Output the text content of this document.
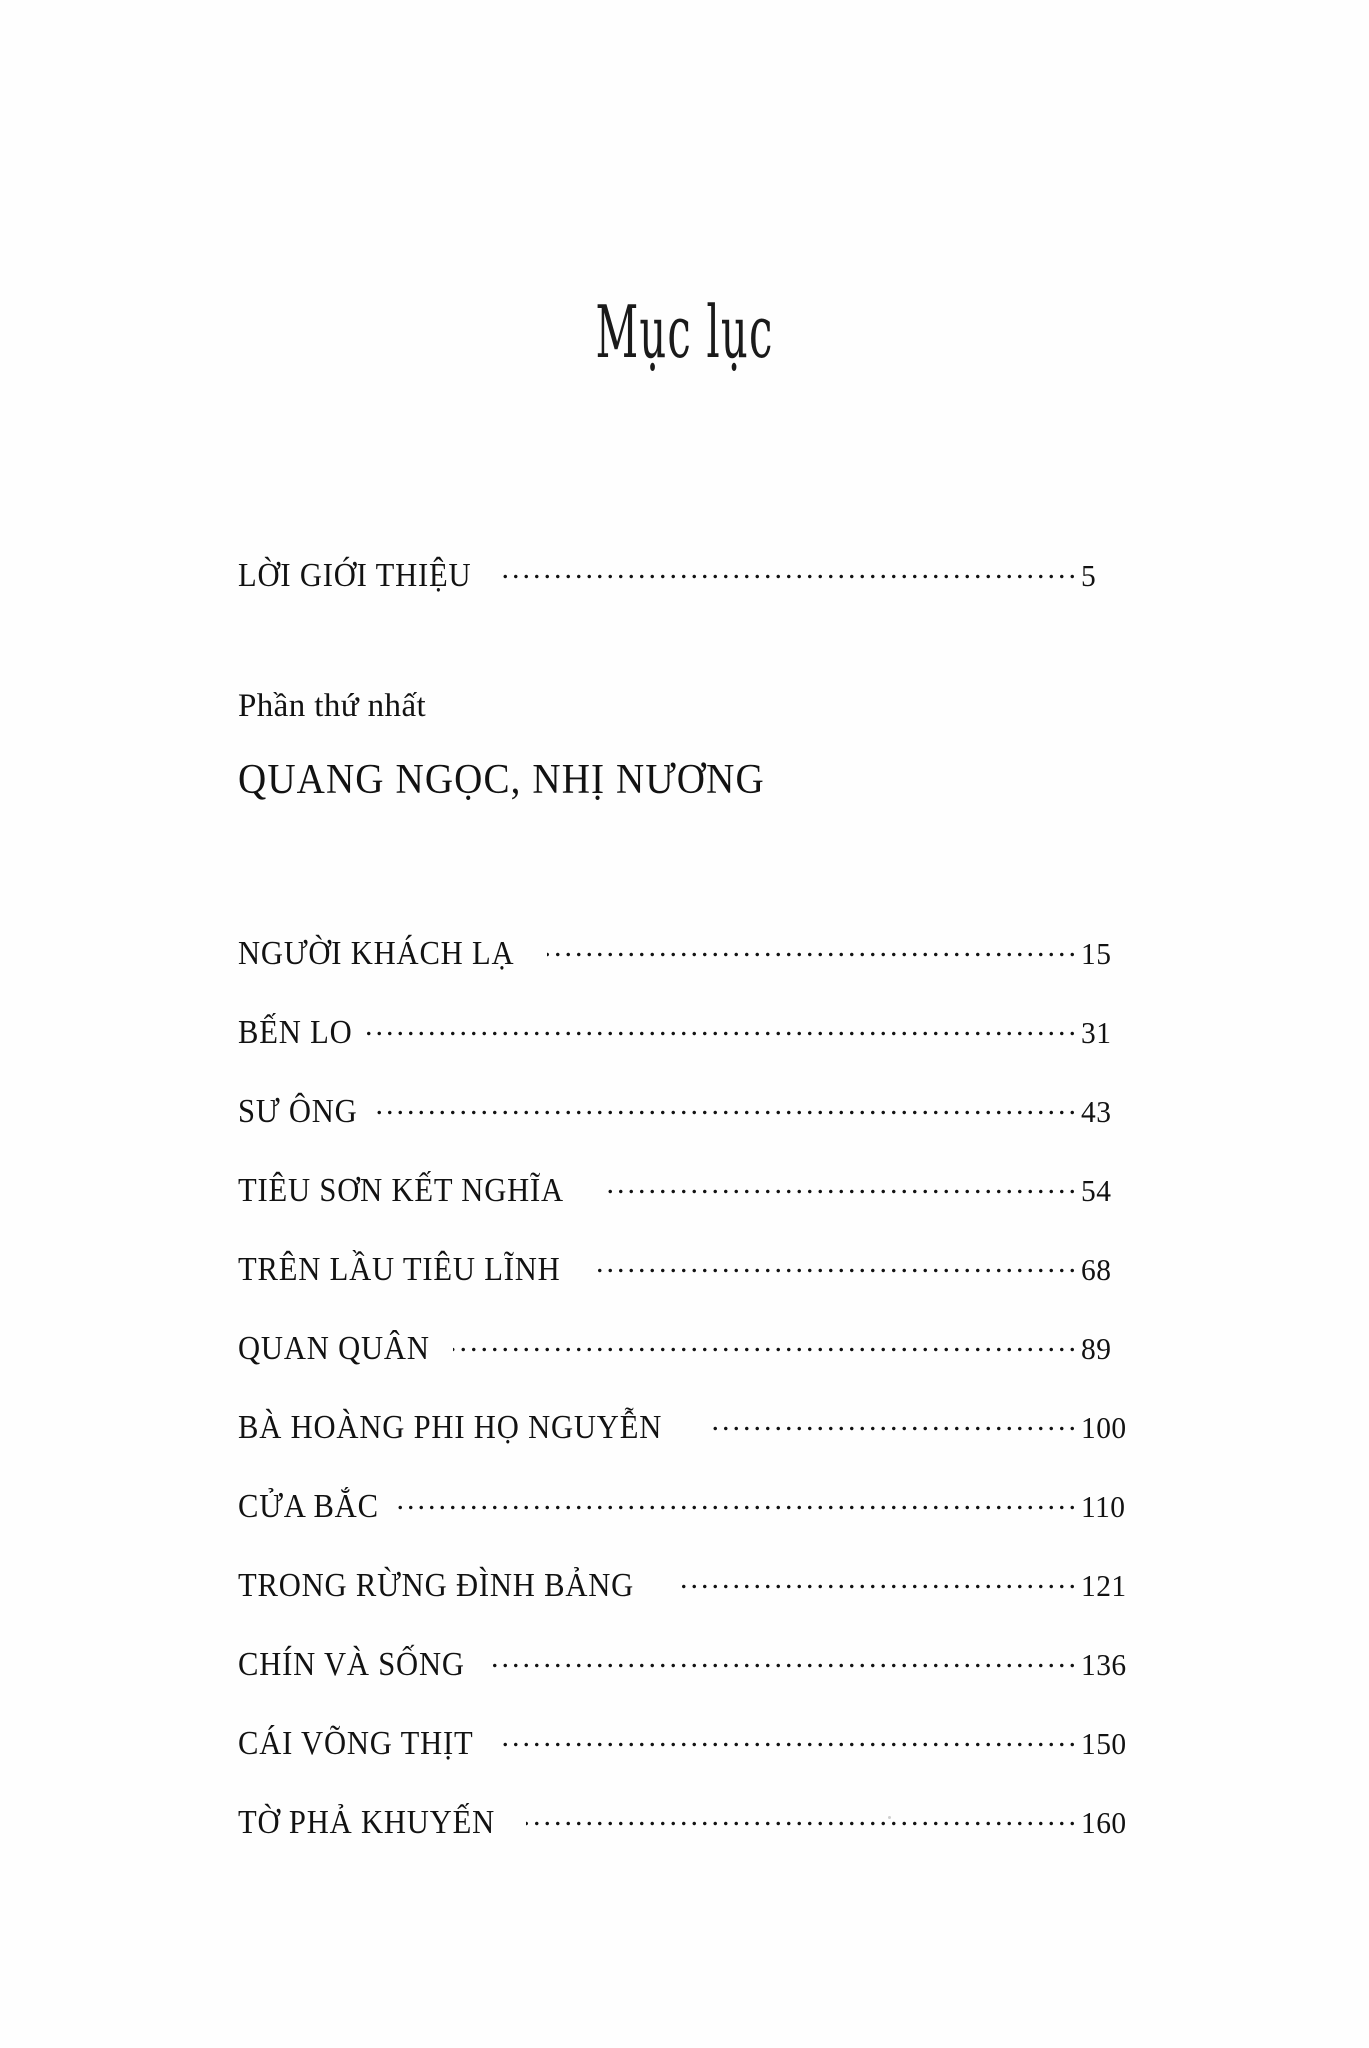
Mục lục
LỜI GIỚI THIỆU .....	5
Phần thứ nhất
QUANG NGỌC, NHỊ NƯƠNG
NGƯỜI KHÁCH LẠ .....	15
BẾN LO .....	31
SƯ ÔNG .....	43
TIÊU SƠN KẾT NGHĨA .....	54
TRÊN LẦU TIÊU LĨNH .....	68
QUAN QUÂN .....	89
BÀ HOÀNG PHI HỌ NGUYỄN .....	100
CỬA BẮC .....	110
TRONG RỪNG ĐÌNH BẢNG .....	121
CHÍN VÀ SỐNG .....	136
CÁI VÕNG THỊT .....	150
TỜ PHẢ KHUYẾN .....	160
